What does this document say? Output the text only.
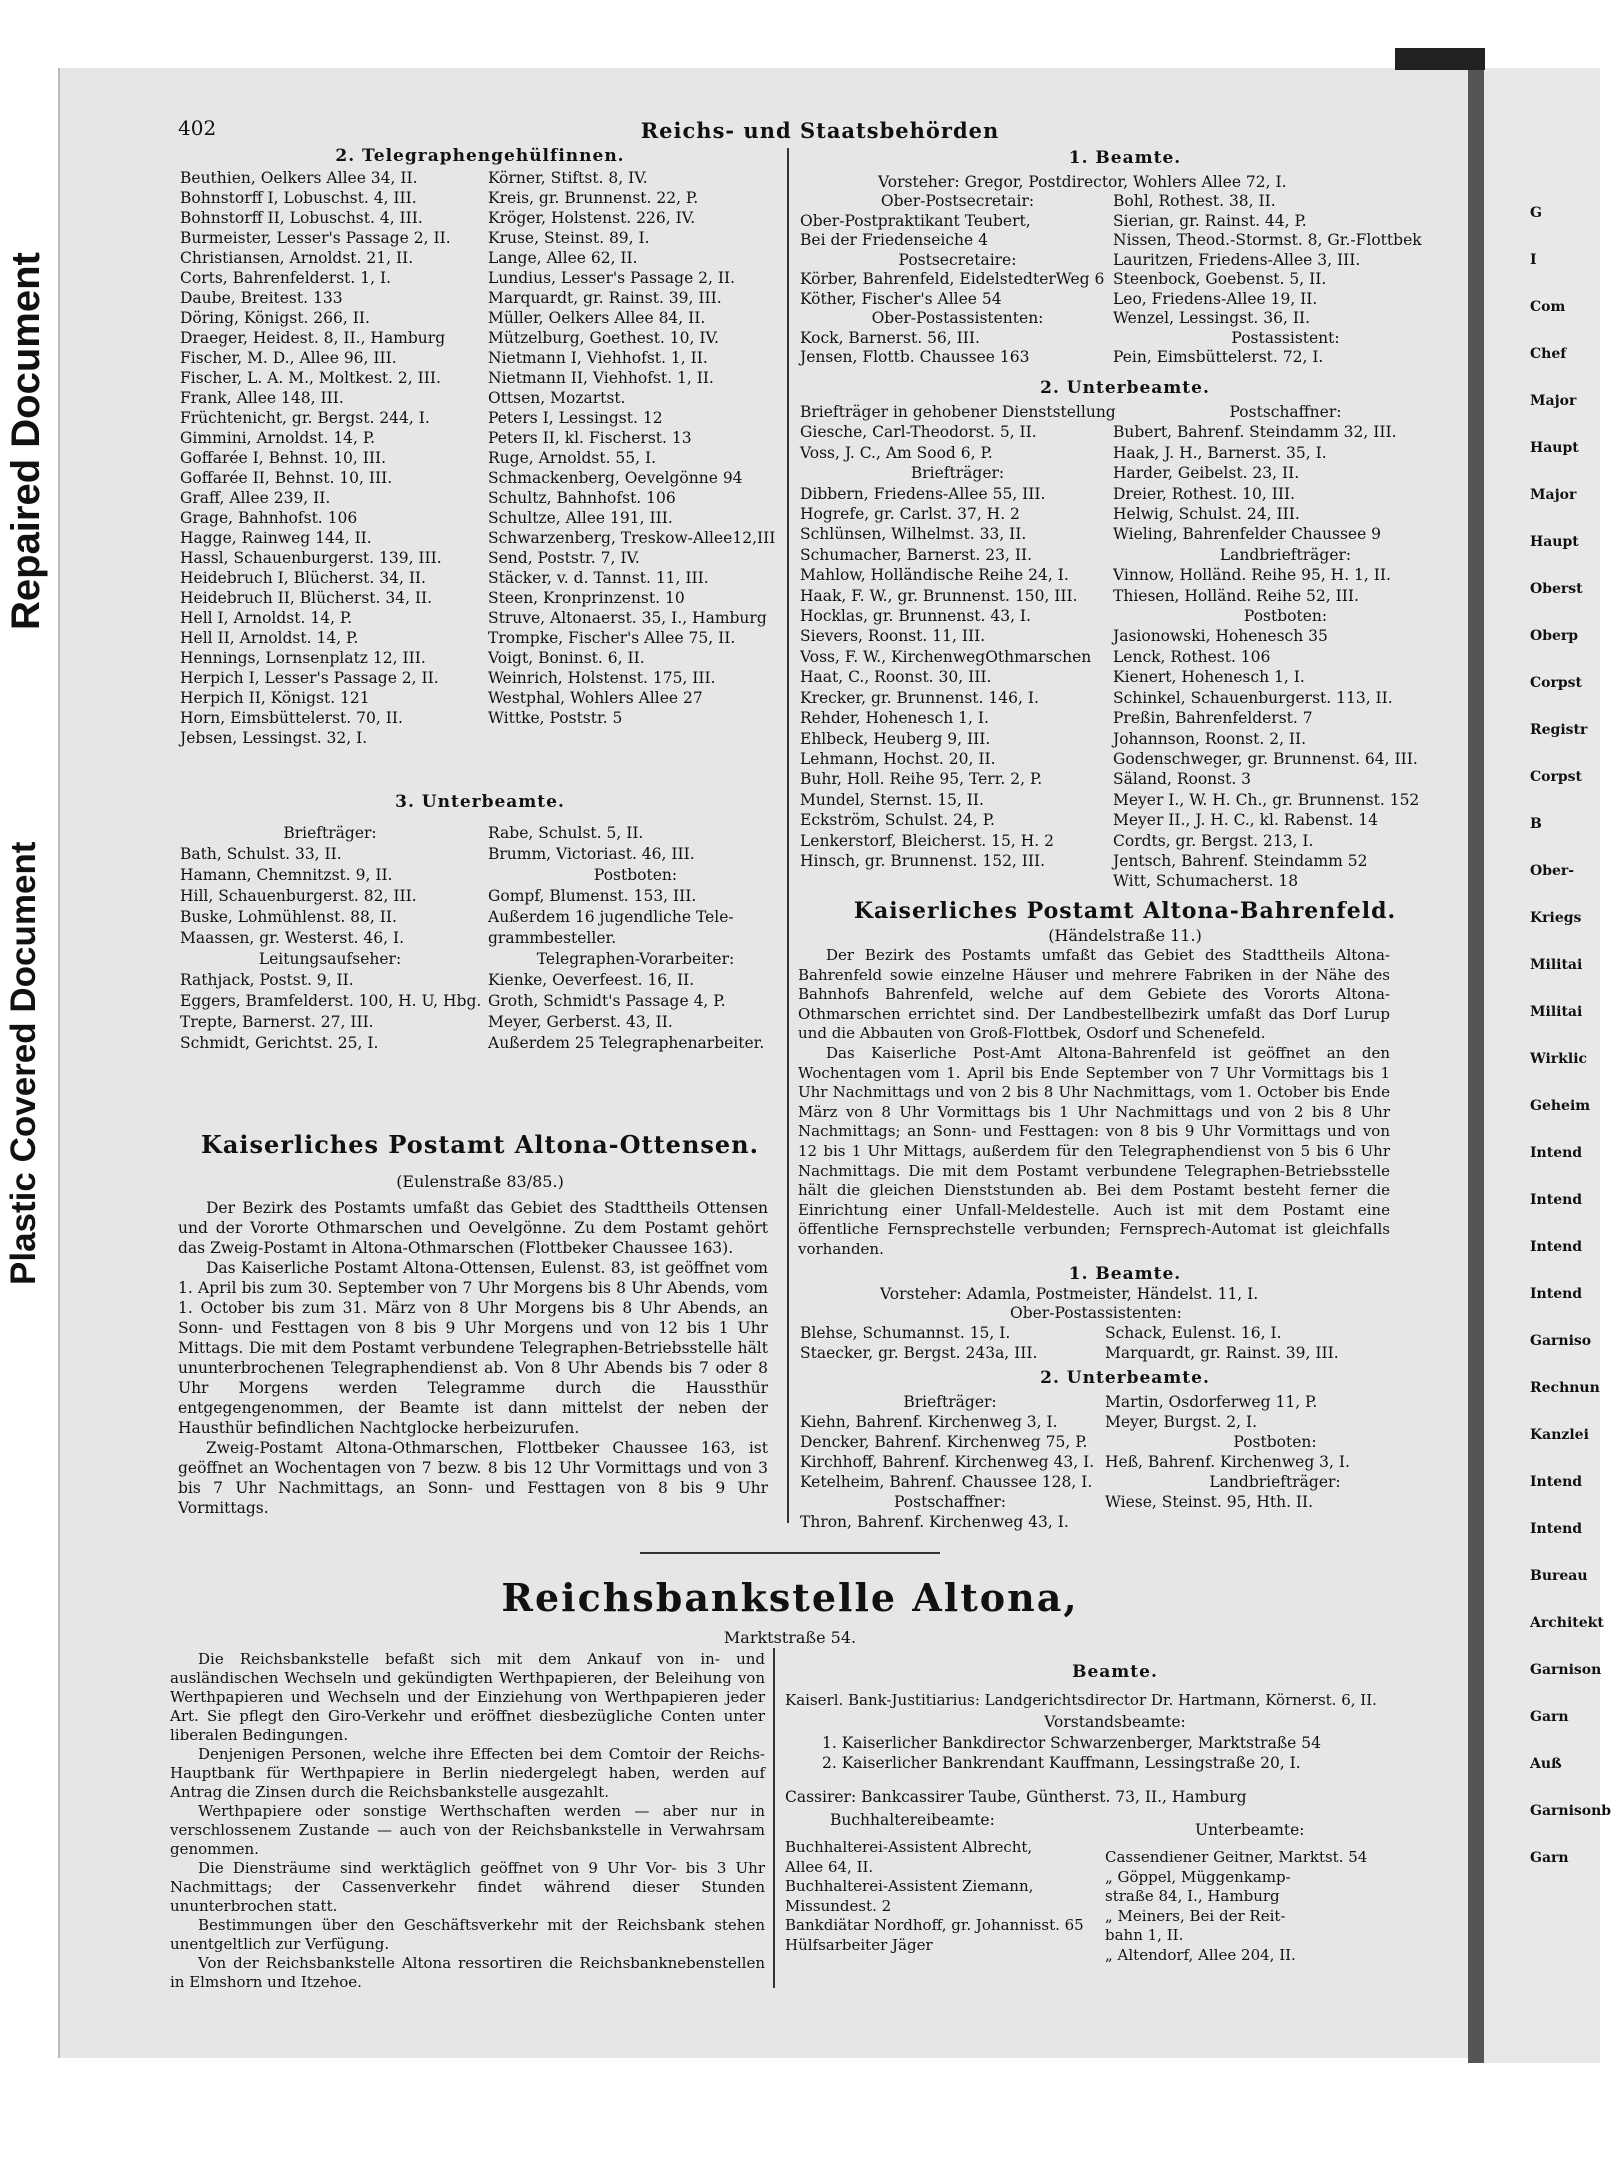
Repaired Document
Plastic Covered Document
402	Reichs- und Staatsbehörden
2. Telegraphengehülfinnen.
Beuthien, Oelkers Allee 34, II.
Bohnstorff I, Lobuschst. 4, III.
Bohnstorff II, Lobuschst. 4, III.
Burmeister, Lesser's Passage 2, II.
Christiansen, Arnoldst. 21, II.
Corts, Bahrenfelderst. 1, I.
Daube, Breitest. 133
Döring, Königst. 266, II.
Draeger, Heidest. 8, II., Hamburg
Fischer, M. D., Allee 96, III.
Fischer, L. A. M., Moltkest. 2, III.
Frank, Allee 148, III.
Früchtenicht, gr. Bergst. 244, I.
Gimmini, Arnoldst. 14, P.
Goffarée I, Behnst. 10, III.
Goffarée II, Behnst. 10, III.
Graff, Allee 239, II.
Grage, Bahnhofst. 106
Hagge, Rainweg 144, II.
Hassl, Schauenburgerst. 139, III.
Heidebruch I, Blücherst. 34, II.
Heidebruch II, Blücherst. 34, II.
Hell I, Arnoldst. 14, P.
Hell II, Arnoldst. 14, P.
Hennings, Lornsenplatz 12, III.
Herpich I, Lesser's Passage 2, II.
Herpich II, Königst. 121
Horn, Eimsbüttelerst. 70, II.
Jebsen, Lessingst. 32, I.
Körner, Stiftst. 8, IV.
Kreis, gr. Brunnenst. 22, P.
Kröger, Holstenst. 226, IV.
Kruse, Steinst. 89, I.
Lange, Allee 62, II.
Lundius, Lesser's Passage 2, II.
Marquardt, gr. Rainst. 39, III.
Müller, Oelkers Allee 84, II.
Mützelburg, Goethest. 10, IV.
Nietmann I, Viehhofst. 1, II.
Nietmann II, Viehhofst. 1, II.
Ottsen, Mozartst.
Peters I, Lessingst. 12
Peters II, kl. Fischerst. 13
Ruge, Arnoldst. 55, I.
Schmackenberg, Oevelgönne 94
Schultz, Bahnhofst. 106
Schultze, Allee 191, III.
Schwarzenberg, Treskow-Allee12,III
Send, Poststr. 7, IV.
Stäcker, v. d. Tannst. 11, III.
Steen, Kronprinzenst. 10
Struve, Altonaerst. 35, I., Hamburg
Trompke, Fischer's Allee 75, II.
Voigt, Boninst. 6, II.
Weinrich, Holstenst. 175, III.
Westphal, Wohlers Allee 27
Wittke, Poststr. 5
3. Unterbeamte.
Briefträger:
Bath, Schulst. 33, II.
Hamann, Chemnitzst. 9, II.
Hill, Schauenburgerst. 82, III.
Buske, Lohmühlenst. 88, II.
Maassen, gr. Westerst. 46, I.
Leitungsaufseher:
Rathjack, Postst. 9, II.
Eggers, Bramfelderst. 100, H. U, Hbg.
Trepte, Barnerst. 27, III.
Schmidt, Gerichtst. 25, I.
Rabe, Schulst. 5, II.
Brumm, Victoriast. 46, III.
Postboten:
Gompf, Blumenst. 153, III.
Außerdem 16 jugendliche Tele-
grammbesteller.
Telegraphen-Vorarbeiter:
Kienke, Oeverfeest. 16, II.
Groth, Schmidt's Passage 4, P.
Meyer, Gerberst. 43, II.
Außerdem 25 Telegraphenarbeiter.
Kaiserliches Postamt Altona-Ottensen.
(Eulenstraße 83/85.)

Der Bezirk des Postamts umfaßt das Gebiet des Stadttheils Ottensen und der Vororte Othmarschen und Oevelgönne. Zu dem Postamt gehört das Zweig-Postamt in Altona-Othmarschen (Flottbeker Chaussee 163).

Das Kaiserliche Postamt Altona-Ottensen, Eulenst. 83, ist geöffnet vom 1. April bis zum 30. September von 7 Uhr Morgens bis 8 Uhr Abends, vom 1. October bis zum 31. März von 8 Uhr Morgens bis 8 Uhr Abends, an Sonn- und Festtagen von 8 bis 9 Uhr Morgens und von 12 bis 1 Uhr Mittags. Die mit dem Postamt verbundene Telegraphen-Betriebsstelle hält ununterbrochenen Telegraphendienst ab. Von 8 Uhr Abends bis 7 oder 8 Uhr Morgens werden Telegramme durch die Haussthür entgegengenommen, der Beamte ist dann mittelst der neben der Hausthür befindlichen Nachtglocke herbeizurufen.

Zweig-Postamt Altona-Othmarschen, Flottbeker Chaussee 163, ist geöffnet an Wochentagen von 7 bezw. 8 bis 12 Uhr Vormittags und von 3 bis 7 Uhr Nachmittags, an Sonn- und Festtagen von 8 bis 9 Uhr Vormittags.

1. Beamte.
Vorsteher: Gregor, Postdirector, Wohlers Allee 72, I.
Ober-Postsecretair:
Ober-Postpraktikant Teubert,
Bei der Friedenseiche 4
Postsecretaire:
Körber, Bahrenfeld, EidelstedterWeg 6
Köther, Fischer's Allee 54
Ober-Postassistenten:
Kock, Barnerst. 56, III.
Jensen, Flottb. Chaussee 163
Bohl, Rothest. 38, II.
Sierian, gr. Rainst. 44, P.
Nissen, Theod.-Stormst. 8, Gr.-Flottbek
Lauritzen, Friedens-Allee 3, III.
Steenbock, Goebenst. 5, II.
Leo, Friedens-Allee 19, II.
Wenzel, Lessingst. 36, II.
Postassistent:
Pein, Eimsbüttelerst. 72, I.
2. Unterbeamte.
Briefträger in gehobener Dienststellung
Giesche, Carl-Theodorst. 5, II.
Voss, J. C., Am Sood 6, P.
Briefträger:
Dibbern, Friedens-Allee 55, III.
Hogrefe, gr. Carlst. 37, H. 2
Schlünsen, Wilhelmst. 33, II.
Schumacher, Barnerst. 23, II.
Mahlow, Holländische Reihe 24, I.
Haak, F. W., gr. Brunnenst. 150, III.
Hocklas, gr. Brunnenst. 43, I.
Sievers, Roonst. 11, III.
Voss, F. W., KirchenwegOthmarschen
Haat, C., Roonst. 30, III.
Krecker, gr. Brunnenst. 146, I.
Rehder, Hohenesch 1, I.
Ehlbeck, Heuberg 9, III.
Lehmann, Hochst. 20, II.
Buhr, Holl. Reihe 95, Terr. 2, P.
Mundel, Sternst. 15, II.
Eckström, Schulst. 24, P.
Lenkerstorf, Bleicherst. 15, H. 2
Hinsch, gr. Brunnenst. 152, III.
Postschaffner:
Bubert, Bahrenf. Steindamm 32, III.
Haak, J. H., Barnerst. 35, I.
Harder, Geibelst. 23, II.
Dreier, Rothest. 10, III.
Helwig, Schulst. 24, III.
Wieling, Bahrenfelder Chaussee 9
Landbriefträger:
Vinnow, Holländ. Reihe 95, H. 1, II.
Thiesen, Holländ. Reihe 52, III.
Postboten:
Jasionowski, Hohenesch 35
Lenck, Rothest. 106
Kienert, Hohenesch 1, I.
Schinkel, Schauenburgerst. 113, II.
Preßin, Bahrenfelderst. 7
Johannson, Roonst. 2, II.
Godenschweger, gr. Brunnenst. 64, III.
Säland, Roonst. 3
Meyer I., W. H. Ch., gr. Brunnenst. 152
Meyer II., J. H. C., kl. Rabenst. 14
Cordts, gr. Bergst. 213, I.
Jentsch, Bahrenf. Steindamm 52
Witt, Schumacherst. 18
Kaiserliches Postamt Altona-Bahrenfeld.
(Händelstraße 11.)

Der Bezirk des Postamts umfaßt das Gebiet des Stadttheils Altona-Bahrenfeld sowie einzelne Häuser und mehrere Fabriken in der Nähe des Bahnhofs Bahrenfeld, welche auf dem Gebiete des Vororts Altona-Othmarschen errichtet sind. Der Landbestellbezirk umfaßt das Dorf Lurup und die Abbauten von Groß-Flottbek, Osdorf und Schenefeld.

Das Kaiserliche Post-Amt Altona-Bahrenfeld ist geöffnet an den Wochentagen vom 1. April bis Ende September von 7 Uhr Vormittags bis 1 Uhr Nachmittags und von 2 bis 8 Uhr Nachmittags, vom 1. October bis Ende März von 8 Uhr Vormittags bis 1 Uhr Nachmittags und von 2 bis 8 Uhr Nachmittags; an Sonn- und Festtagen: von 8 bis 9 Uhr Vormittags und von 12 bis 1 Uhr Mittags, außerdem für den Telegraphendienst von 5 bis 6 Uhr Nachmittags. Die mit dem Postamt verbundene Telegraphen-Betriebsstelle hält die gleichen Dienststunden ab. Bei dem Postamt besteht ferner die Einrichtung einer Unfall-Meldestelle. Auch ist mit dem Postamt eine öffentliche Fernsprechstelle verbunden; Fernsprech-Automat ist gleichfalls vorhanden.

1. Beamte.
Vorsteher: Adamla, Postmeister, Händelst. 11, I.
Ober-Postassistenten:
Blehse, Schumannst. 15, I.
Staecker, gr. Bergst. 243a, III.
Schack, Eulenst. 16, I.
Marquardt, gr. Rainst. 39, III.
2. Unterbeamte.
Briefträger:
Kiehn, Bahrenf. Kirchenweg 3, I.
Dencker, Bahrenf. Kirchenweg 75, P.
Kirchhoff, Bahrenf. Kirchenweg 43, I.
Ketelheim, Bahrenf. Chaussee 128, I.
Postschaffner:
Thron, Bahrenf. Kirchenweg 43, I.
Martin, Osdorferweg 11, P.
Meyer, Burgst. 2, I.
Postboten:
Heß, Bahrenf. Kirchenweg 3, I.
Landbriefträger:
Wiese, Steinst. 95, Hth. II.
Reichsbankstelle Altona,
Marktstraße 54.

Die Reichsbankstelle befaßt sich mit dem Ankauf von in- und ausländischen Wechseln und gekündigten Werthpapieren, der Beleihung von Werthpapieren und Wechseln und der Einziehung von Werthpapieren jeder Art. Sie pflegt den Giro-Verkehr und eröffnet diesbezügliche Conten unter liberalen Bedingungen.

Denjenigen Personen, welche ihre Effecten bei dem Comtoir der Reichs-Hauptbank für Werthpapiere in Berlin niedergelegt haben, werden auf Antrag die Zinsen durch die Reichsbankstelle ausgezahlt.

Werthpapiere oder sonstige Werthschaften werden — aber nur in verschlossenem Zustande — auch von der Reichsbankstelle in Verwahrsam genommen.

Die Diensträume sind werktäglich geöffnet von 9 Uhr Vor- bis 3 Uhr Nachmittags; der Cassenverkehr findet während dieser Stunden ununterbrochen statt.

Bestimmungen über den Geschäftsverkehr mit der Reichsbank stehen unentgeltlich zur Verfügung.

Von der Reichsbankstelle Altona ressortiren die Reichsbanknebenstellen in Elmshorn und Itzehoe.

Beamte.
Kaiserl. Bank-Justitiarius: Landgerichtsdirector Dr. Hartmann, Körnerst. 6, II.
Vorstandsbeamte:
1. Kaiserlicher Bankdirector Schwarzenberger, Marktstraße 54
2. Kaiserlicher Bankrendant Kauffmann, Lessingstraße 20, I.
Cassirer: Bankcassirer Taube, Güntherst. 73, II., Hamburg
Buchhaltereibeamte:
Unterbeamte:
Buchhalterei-Assistent Albrecht,
Allee 64, II.
Buchhalterei-Assistent Ziemann,
Missundest. 2
Bankdiätar Nordhoff, gr. Johannisst. 65
Hülfsarbeiter Jäger
Cassendiener Geitner, Marktst. 54
„ Göppel, Müggenkamp-
straße 84, I., Hamburg
„ Meiners, Bei der Reit-
bahn 1, II.
„ Altendorf, Allee 204, II.
G
I
Com
Chef
Major
Haupt
Major
Haupt
Oberst
Oberp
Corpst
Registr
Corpst
B
Ober-
Kriegs
Militai
Militai
Wirklic
Geheim
Intend
Intend
Intend
Intend
Garniso
Rechnun
Kanzlei
Intend
Intend
Bureau
Architekt
Garnison
Garn
Auß
Garnisonb
Garn
